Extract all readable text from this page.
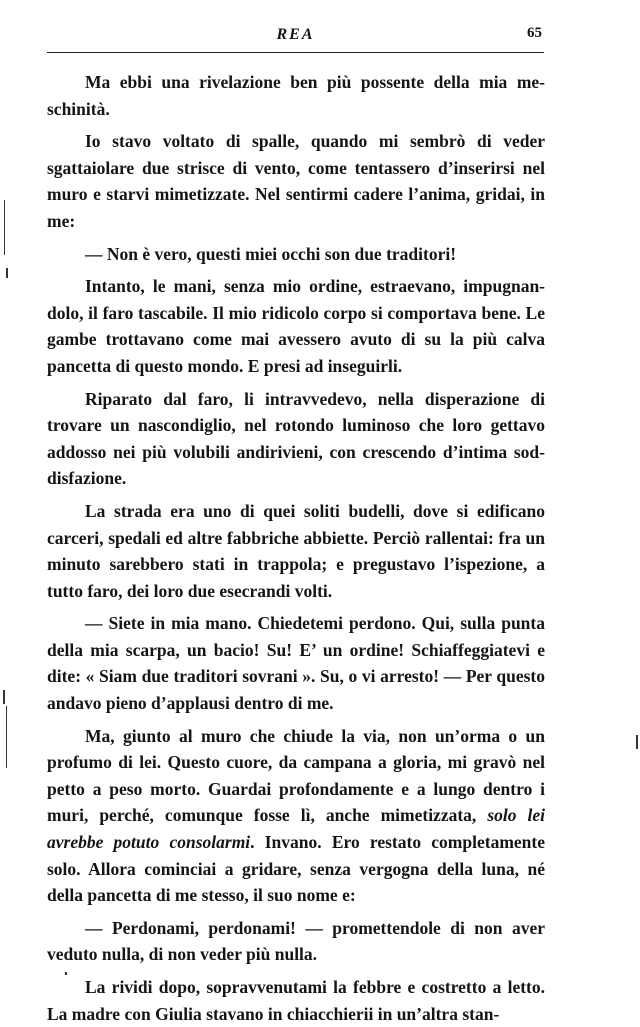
REA	65

Ma ebbi una rivelazione ben più possente della mia meschinità.

Io stavo voltato di spalle, quando mi sembrò di veder sgattaiolare due strisce di vento, come tentassero d’inserirsi nel muro e starvi mimetizzate. Nel sentirmi cadere l’anima, gridai, in me:

— Non è vero, questi miei occhi son due traditori!

Intanto, le mani, senza mio ordine, estraevano, impugnandolo, il faro tascabile. Il mio ridicolo corpo si comportava bene. Le gambe trottavano come mai avessero avuto di su la più calva pancetta di questo mondo. E presi ad inseguirli.

Riparato dal faro, li intravvedevo, nella disperazione di trovare un nascondiglio, nel rotondo luminoso che loro gettavo addosso nei più volubili andirivieni, con crescendo d’intima soddisfazione.

La strada era uno di quei soliti budelli, dove si edificano carceri, spedali ed altre fabbriche abbiette. Perciò rallentai: fra un minuto sarebbero stati in trappola; e pregustavo l’ispezione, a tutto faro, dei loro due esecrandi volti.

— Siete in mia mano. Chiedetemi perdono. Qui, sulla punta della mia scarpa, un bacio! Su! E’ un ordine! Schiaffeggiatevi e dite: « Siam due traditori sovrani ». Su, o vi arresto! — Per questo andavo pieno d’applausi dentro di me.

Ma, giunto al muro che chiude la via, non un’orma o un profumo di lei. Questo cuore, da campana a gloria, mi gravò nel petto a peso morto. Guardai profondamente e a lungo dentro i muri, perché, comunque fosse lì, anche mimetizzata, solo lei avrebbe potuto consolarmi. Invano. Ero restato completamente solo. Allora cominciai a gridare, senza vergogna della luna, né della pancetta di me stesso, il suo nome e:

— Perdonami, perdonami! — promettendole di non aver veduto nulla, di non veder più nulla.

La rividi dopo, sopravvenutami la febbre e costretto a letto. La madre con Giulia stavano in chiacchierii in un’altra stan-
